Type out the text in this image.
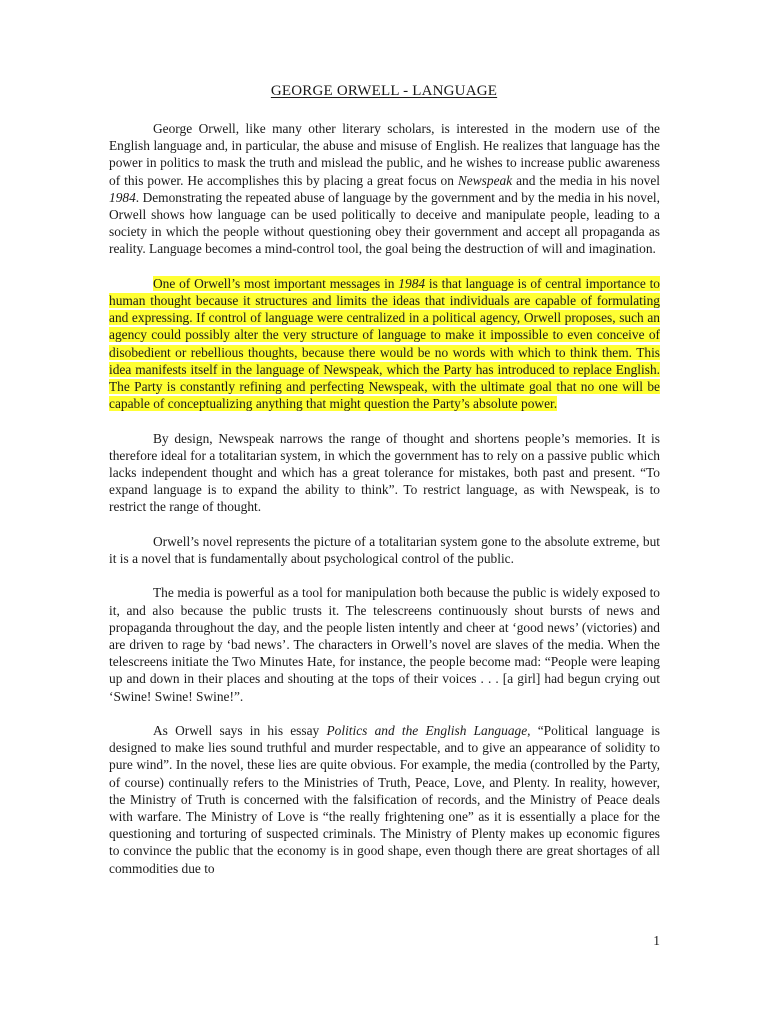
GEORGE ORWELL - LANGUAGE

George Orwell, like many other literary scholars, is interested in the modern use of the English language and, in particular, the abuse and misuse of English. He realizes that language has the power in politics to mask the truth and mislead the public, and he wishes to increase public awareness of this power. He accomplishes this by placing a great focus on Newspeak and the media in his novel 1984. Demonstrating the repeated abuse of language by the government and by the media in his novel, Orwell shows how language can be used politically to deceive and manipulate people, leading to a society in which the people without questioning obey their government and accept all propaganda as reality. Language becomes a mind-control tool, the goal being the destruction of will and imagination.

One of Orwell’s most important messages in 1984 is that language is of central importance to human thought because it structures and limits the ideas that individuals are capable of formulating and expressing. If control of language were centralized in a political agency, Orwell proposes, such an agency could possibly alter the very structure of language to make it impossible to even conceive of disobedient or rebellious thoughts, because there would be no words with which to think them. This idea manifests itself in the language of Newspeak, which the Party has introduced to replace English. The Party is constantly refining and perfecting Newspeak, with the ultimate goal that no one will be capable of conceptualizing anything that might question the Party’s absolute power.

By design, Newspeak narrows the range of thought and shortens people’s memories. It is therefore ideal for a totalitarian system, in which the government has to rely on a passive public which lacks independent thought and which has a great tolerance for mistakes, both past and present. “To expand language is to expand the ability to think”. To restrict language, as with Newspeak, is to restrict the range of thought.

Orwell’s novel represents the picture of a totalitarian system gone to the absolute extreme, but it is a novel that is fundamentally about psychological control of the public.

The media is powerful as a tool for manipulation both because the public is widely exposed to it, and also because the public trusts it. The telescreens continuously shout bursts of news and propaganda throughout the day, and the people listen intently and cheer at ‘good news’ (victories) and are driven to rage by ‘bad news’. The characters in Orwell’s novel are slaves of the media. When the telescreens initiate the Two Minutes Hate, for instance, the people become mad: “People were leaping up and down in their places and shouting at the tops of their voices . . . [a girl] had begun crying out ‘Swine! Swine! Swine!”.

As Orwell says in his essay Politics and the English Language, “Political language is designed to make lies sound truthful and murder respectable, and to give an appearance of solidity to pure wind”. In the novel, these lies are quite obvious. For example, the media (controlled by the Party, of course) continually refers to the Ministries of Truth, Peace, Love, and Plenty. In reality, however, the Ministry of Truth is concerned with the falsification of records, and the Ministry of Peace deals with warfare. The Ministry of Love is “the really frightening one” as it is essentially a place for the questioning and torturing of suspected criminals. The Ministry of Plenty makes up economic figures to convince the public that the economy is in good shape, even though there are great shortages of all commodities due to

1
